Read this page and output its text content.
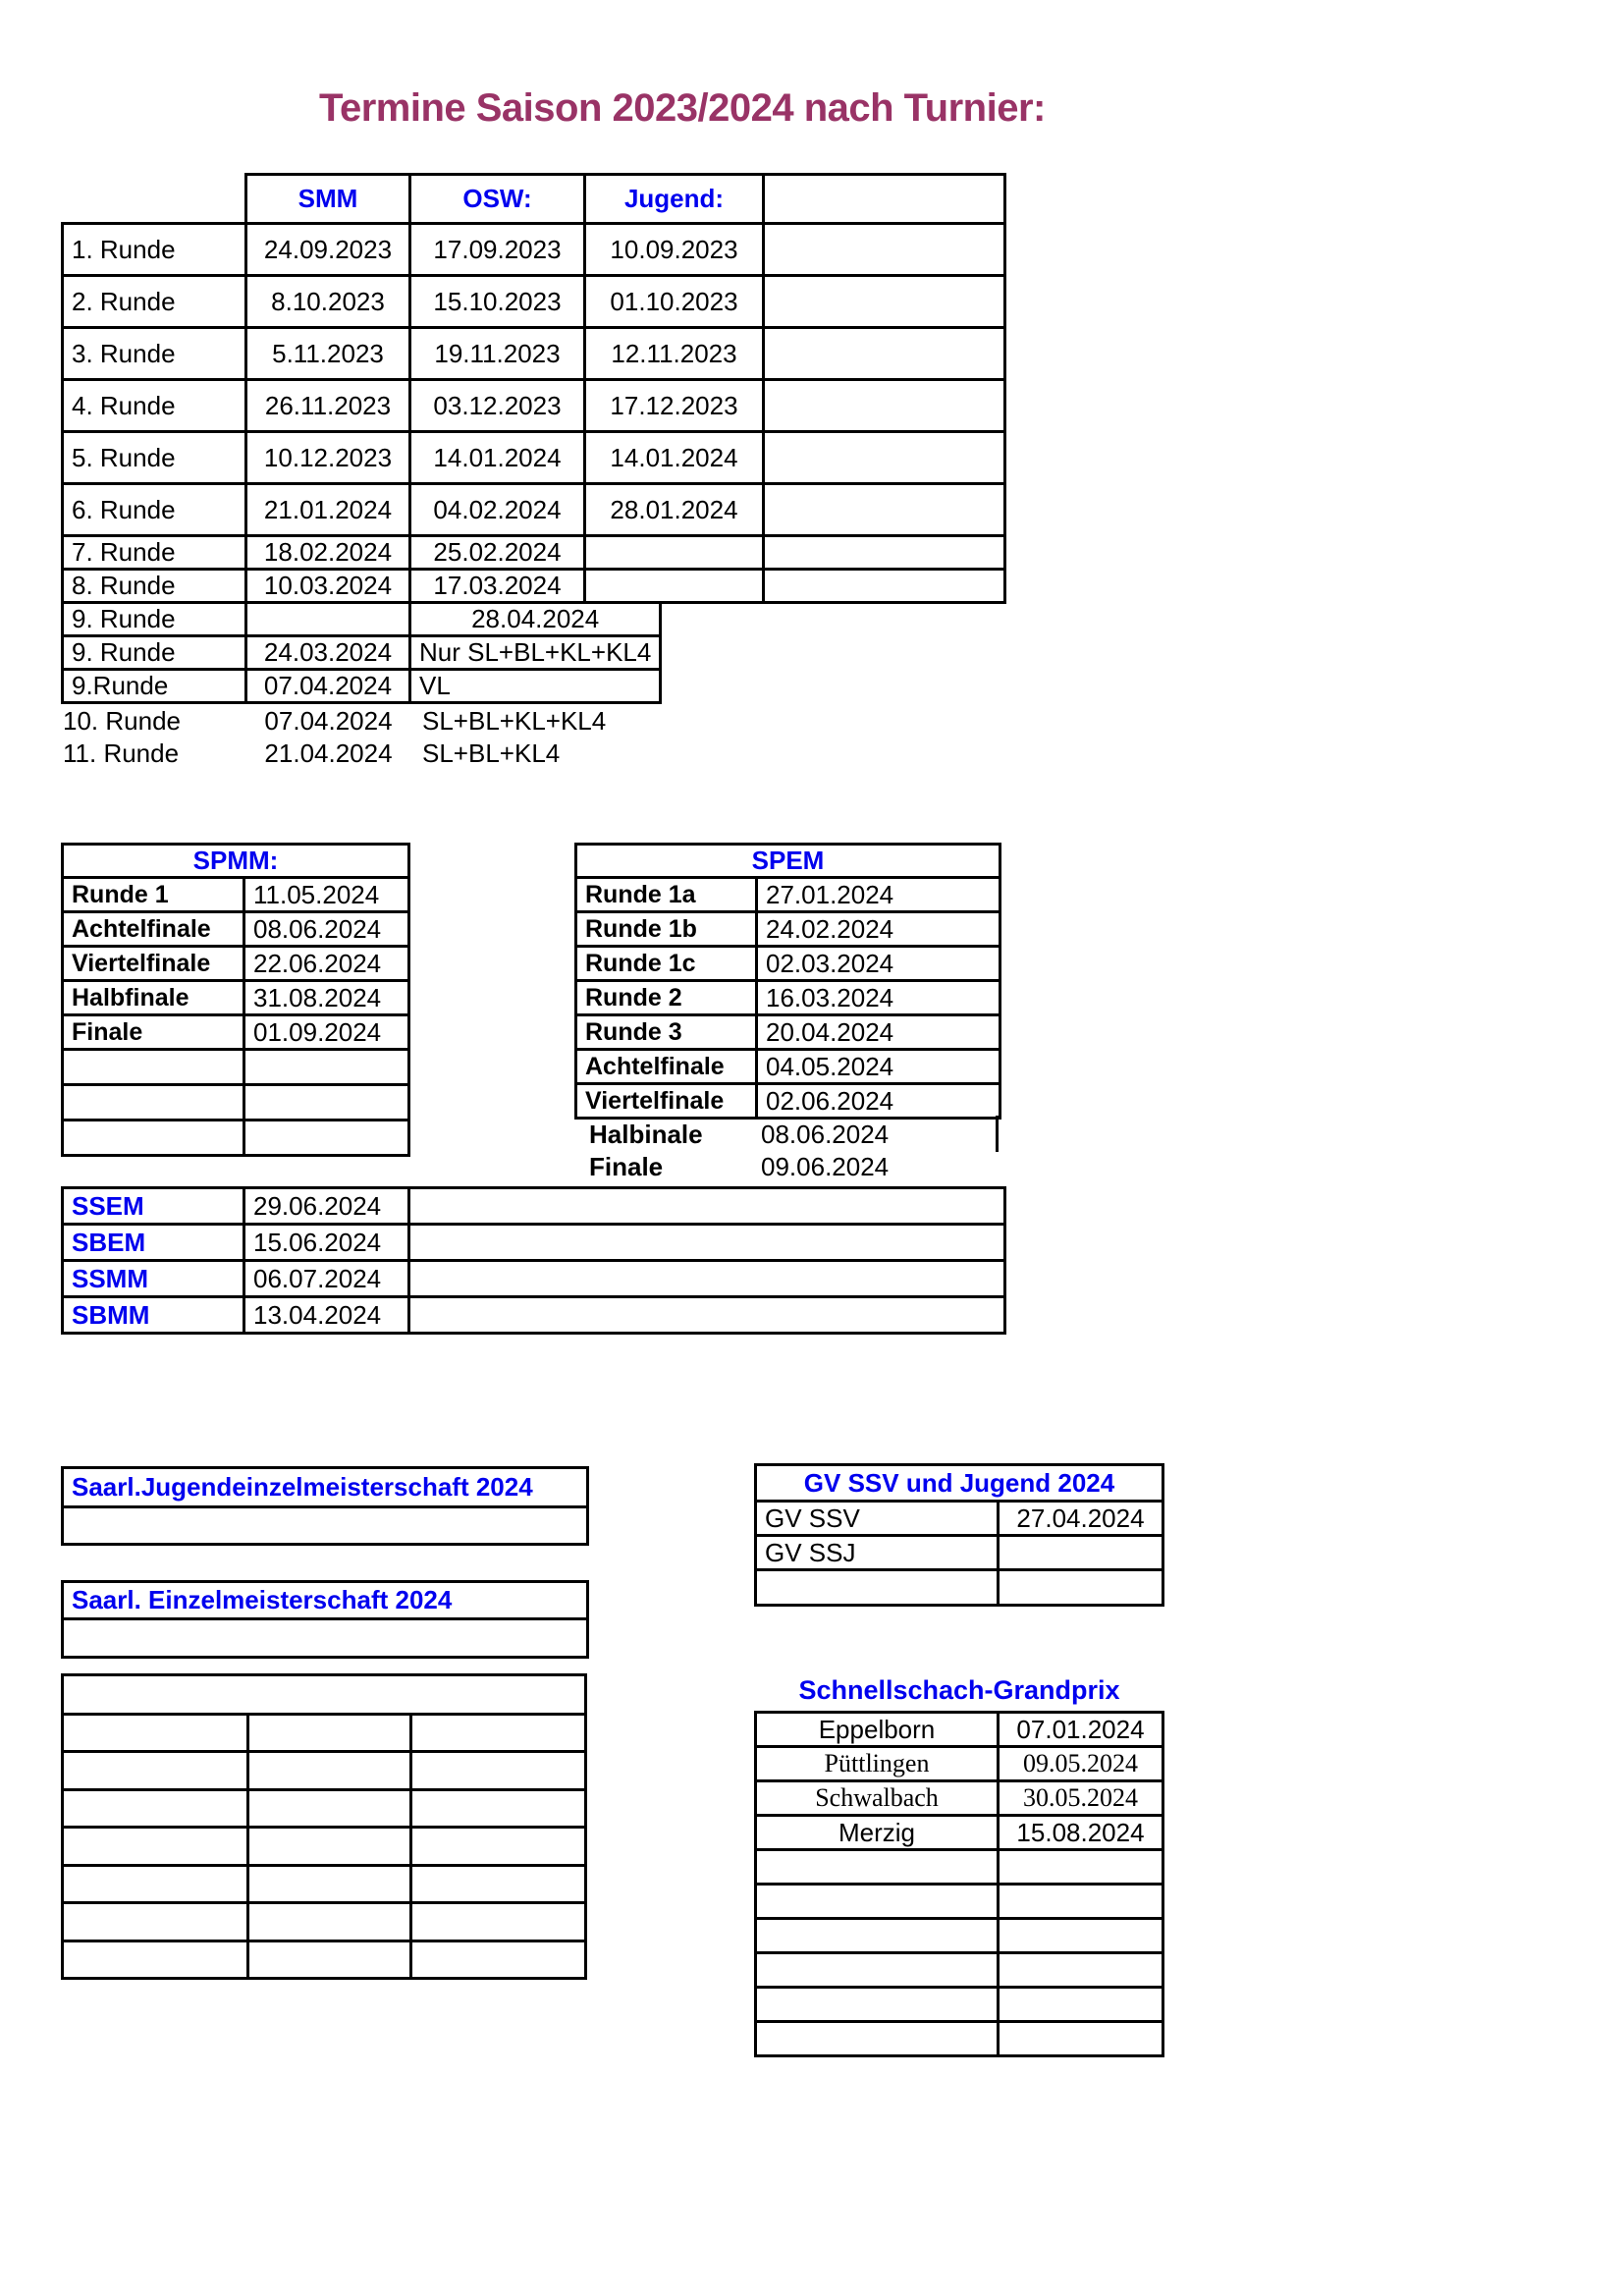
Termine Saison 2023/2024 nach Turnier:
	SMM	OSW:	Jugend:	
1. Runde	24.09.2023	17.09.2023	10.09.2023	
2. Runde	8.10.2023	15.10.2023	01.10.2023	
3. Runde	5.11.2023	19.11.2023	12.11.2023	
4. Runde	26.11.2023	03.12.2023	17.12.2023	
5. Runde	10.12.2023	14.01.2024	14.01.2024	
6. Runde	21.01.2024	04.02.2024	28.01.2024	
7. Runde	18.02.2024	25.02.2024		
8. Runde	10.03.2024	17.03.2024		
9. Runde		28.04.2024
9. Runde	24.03.2024	Nur SL+BL+KL+KL4
9.Runde	07.04.2024	VL
10. Runde	07.04.2024	SL+BL+KL+KL4
11. Runde	21.04.2024	SL+BL+KL4
SPMM:	
Runde 1	11.05.2024
Achtelfinale	08.06.2024
Viertelfinale	22.06.2024
Halbfinale	31.08.2024
Finale	01.09.2024

SPEM	
Runde 1a	27.01.2024
Runde 1b	24.02.2024
Runde 1c	02.03.2024
Runde 2	16.03.2024
Runde 3	20.04.2024
Achtelfinale	04.05.2024
Viertelfinale	02.06.2024
Halbinale 08.06.2024
Finale	09.06.2024
SSEM	29.06.2024	
SBEM	15.06.2024	
SSMM	06.07.2024	
SBMM	13.04.2024	
Saarl.Jugendeinzelmeisterschaft 2024

Saarl. Einzelmeisterschaft 2024

GV SSV und Jugend 2024	
GV SSV	27.04.2024
GV SSJ	

Schnellschach-Grandprix
Eppelborn	07.01.2024
Püttlingen	09.05.2024
Schwalbach	30.05.2024
Merzig	15.08.2024
